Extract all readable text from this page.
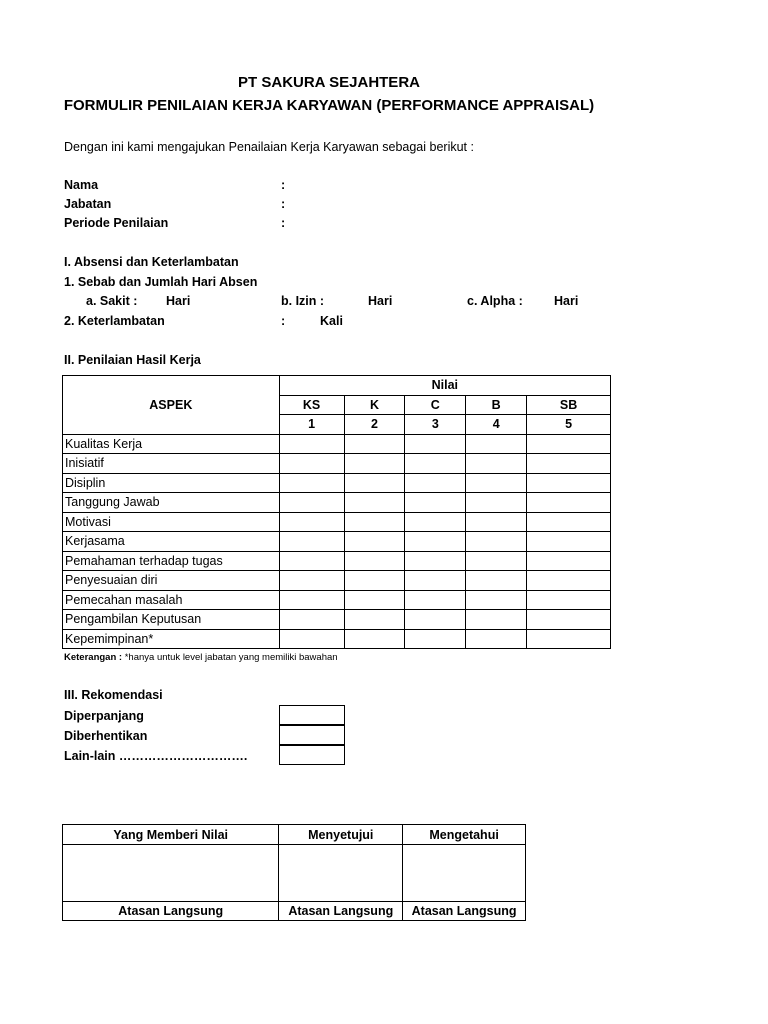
PT SAKURA SEJAHTERA
FORMULIR PENILAIAN KERJA KARYAWAN (PERFORMANCE APPRAISAL)
Dengan ini kami mengajukan Penailaian Kerja Karyawan sebagai berikut :
Nama	:
Jabatan	:
Periode Penilaian	:
I. Absensi dan Keterlambatan
1. Sebab dan Jumlah Hari Absen
a. Sakit : Hari	b. Izin :	Hari	c. Alpha : Hari
2. Keterlambatan	:	Kali
II. Penilaian Hasil Kerja
ASPEK	Nilai				
	KS	K	C	B	SB
	1	2	3	4	5
Kualitas Kerja					
Inisiatif					
Disiplin					
Tanggung Jawab					
Motivasi					
Kerjasama					
Pemahaman terhadap tugas					
Penyesuaian diri					
Pemecahan masalah					
Pengambilan Keputusan					
Kepemimpinan*					
Keterangan : *hanya untuk level jabatan yang memiliki bawahan
III. Rekomendasi
Diperpanjang
Diberhentikan
Lain-lain ………………………….
Yang Memberi Nilai	Menyetujui	Mengetahui

Atasan Langsung	Atasan Langsung	Atasan Langsung
